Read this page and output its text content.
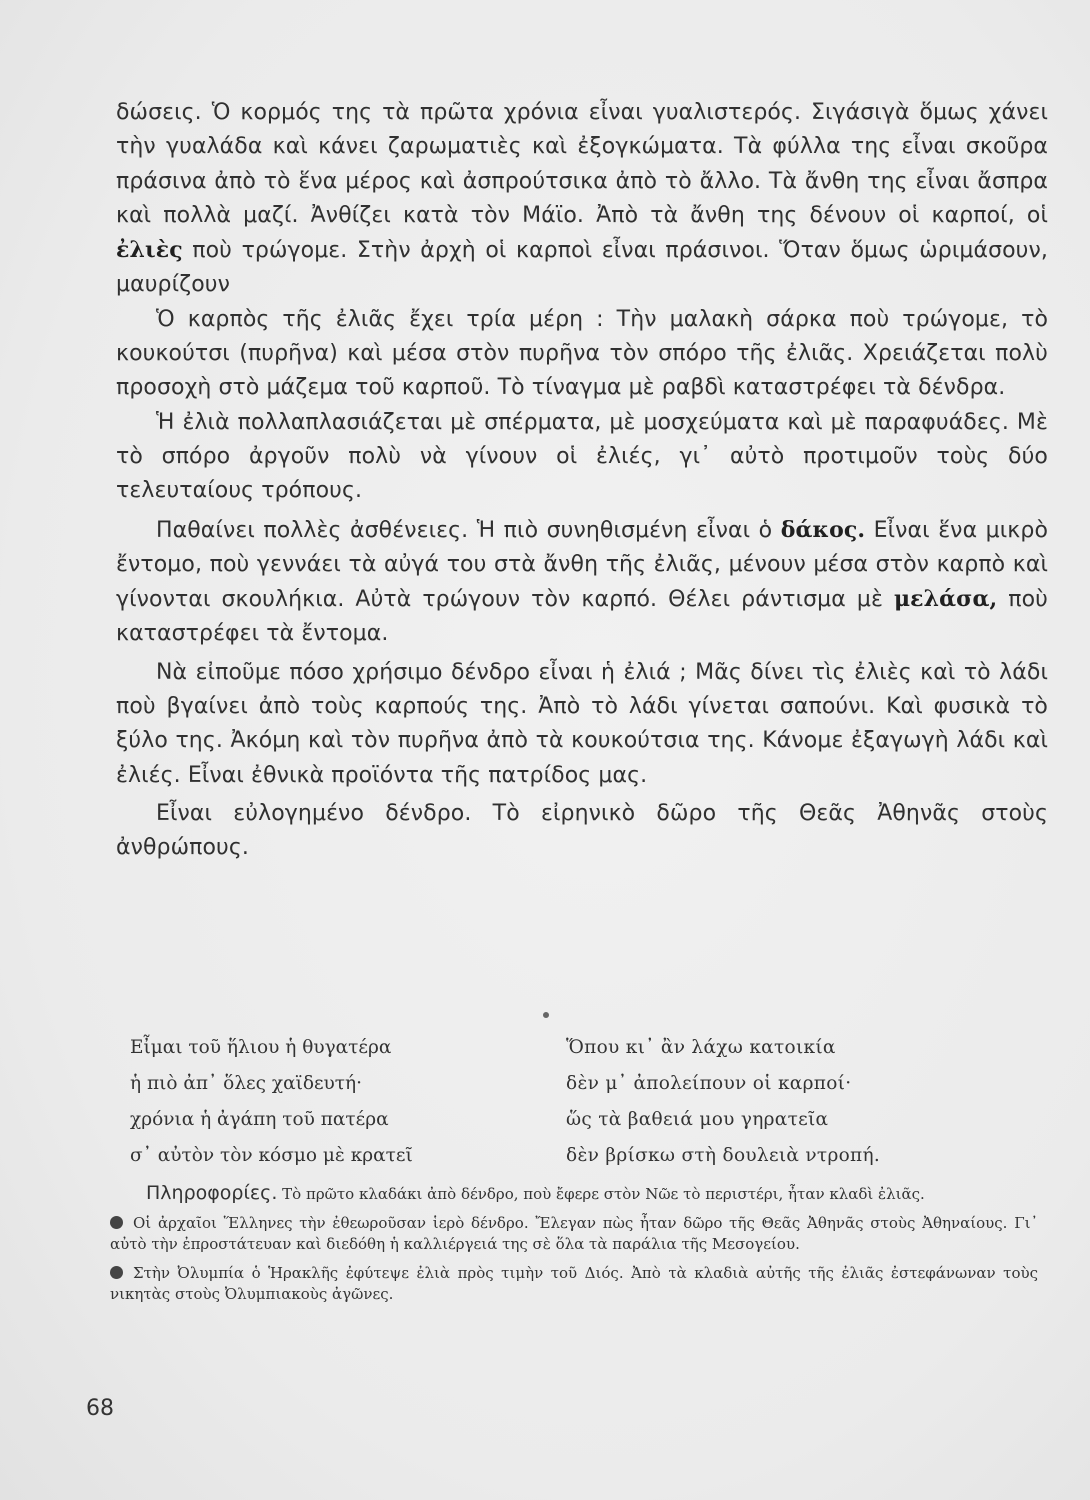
δώσεις. Ὁ κορμός της τὰ πρῶτα χρόνια εἶναι γυαλιστερός. Σιγάσιγὰ ὅμως χάνει τὴν γυαλάδα καὶ κάνει ζαρωματιὲς καὶ ἐξογκώματα. Τὰ φύλλα της εἶναι σκοῦρα πράσινα ἀπὸ τὸ ἕνα μέρος καὶ ἀσπρούτσικα ἀπὸ τὸ ἄλλο. Τὰ ἄνθη της εἶναι ἄσπρα καὶ πολλὰ μαζί. Ἀνθίζει κατὰ τὸν Μάϊο. Ἀπὸ τὰ ἄνθη της δένουν οἱ καρποί, οἱ ἐλιὲς ποὺ τρώγομε. Στὴν ἀρχὴ οἱ καρποὶ εἶναι πράσινοι. Ὅταν ὅμως ὡριμάσουν, μαυρίζουν

Ὁ καρπὸς τῆς ἐλιᾶς ἔχει τρία μέρη : Τὴν μαλακὴ σάρκα ποὺ τρώγομε, τὸ κουκούτσι (πυρῆνα) καὶ μέσα στὸν πυρῆνα τὸν σπόρο τῆς ἐλιᾶς. Χρειάζεται πολὺ προσοχὴ στὸ μάζεμα τοῦ καρποῦ. Τὸ τίναγμα μὲ ραβδὶ καταστρέφει τὰ δένδρα.

Ἡ ἐλιὰ πολλαπλασιάζεται μὲ σπέρματα, μὲ μοσχεύματα καὶ μὲ παραφυάδες. Μὲ τὸ σπόρο ἀργοῦν πολὺ νὰ γίνουν οἱ ἐλιές, γι᾽ αὐτὸ προτιμοῦν τοὺς δύο τελευταίους τρόπους.

Παθαίνει πολλὲς ἀσθένειες. Ἡ πιὸ συνηθισμένη εἶναι ὁ δάκος. Εἶναι ἕνα μικρὸ ἔντομο, ποὺ γεννάει τὰ αὐγά του στὰ ἄνθη τῆς ἐλιᾶς, μένουν μέσα στὸν καρπὸ καὶ γίνονται σκουλήκια. Αὐτὰ τρώγουν τὸν καρπό. Θέλει ράντισμα μὲ μελάσα, ποὺ καταστρέφει τὰ ἔντομα.

Νὰ εἰποῦμε πόσο χρήσιμο δένδρο εἶναι ἡ ἐλιά ; Μᾶς δίνει τὶς ἐλιὲς καὶ τὸ λάδι ποὺ βγαίνει ἀπὸ τοὺς καρπούς της. Ἀπὸ τὸ λάδι γίνεται σαπούνι. Καὶ φυσικὰ τὸ ξύλο της. Ἀκόμη καὶ τὸν πυρῆνα ἀπὸ τὰ κουκούτσια της. Κάνομε ἐξαγωγὴ λάδι καὶ ἐλιές. Εἶναι ἐθνικὰ προϊόντα τῆς πατρίδος μας.

Εἶναι εὐλογημένο δένδρο. Τὸ εἰρηνικὸ δῶρο τῆς Θεᾶς Ἀθηνᾶς στοὺς ἀνθρώπους.

Εἶμαι τοῦ ἥλιου ἡ θυγατέρα
ἡ πιὸ ἀπ᾽ ὅλες χαϊδευτή·
χρόνια ἡ ἀγάπη τοῦ πατέρα
σ᾽ αὐτὸν τὸν κόσμο μὲ κρατεῖ
Ὅπου κι᾽ ἂν λάχω κατοικία
δὲν μ᾽ ἀπολείπουν οἱ καρποί·
ὥς τὰ βαθειά μου γηρατεῖα
δὲν βρίσκω στὴ δουλειὰ ντροπή.

Πληροφορίες. Τὸ πρῶτο κλαδάκι ἀπὸ δένδρο, ποὺ ἔφερε στὸν Νῶε τὸ περιστέρι, ἦταν κλαδὶ ἐλιᾶς.

Οἱ ἀρχαῖοι Ἕλληνες τὴν ἐθεωροῦσαν ἱερὸ δένδρο. Ἔλεγαν πὼς ἦταν δῶρο τῆς Θεᾶς Ἀθηνᾶς στοὺς Ἀθηναίους. Γι᾽ αὐτὸ τὴν ἐπροστάτευαν καὶ διεδόθη ἡ καλλιέργειά της σὲ ὅλα τὰ παράλια τῆς Μεσογείου.

Στὴν Ὀλυμπία ὁ Ἡρακλῆς ἐφύτεψε ἐλιὰ πρὸς τιμὴν τοῦ Διός. Ἀπὸ τὰ κλαδιὰ αὐτῆς τῆς ἐλιᾶς ἐστεφάνωναν τοὺς νικητὰς στοὺς Ὀλυμπιακοὺς ἀγῶνες.

68
